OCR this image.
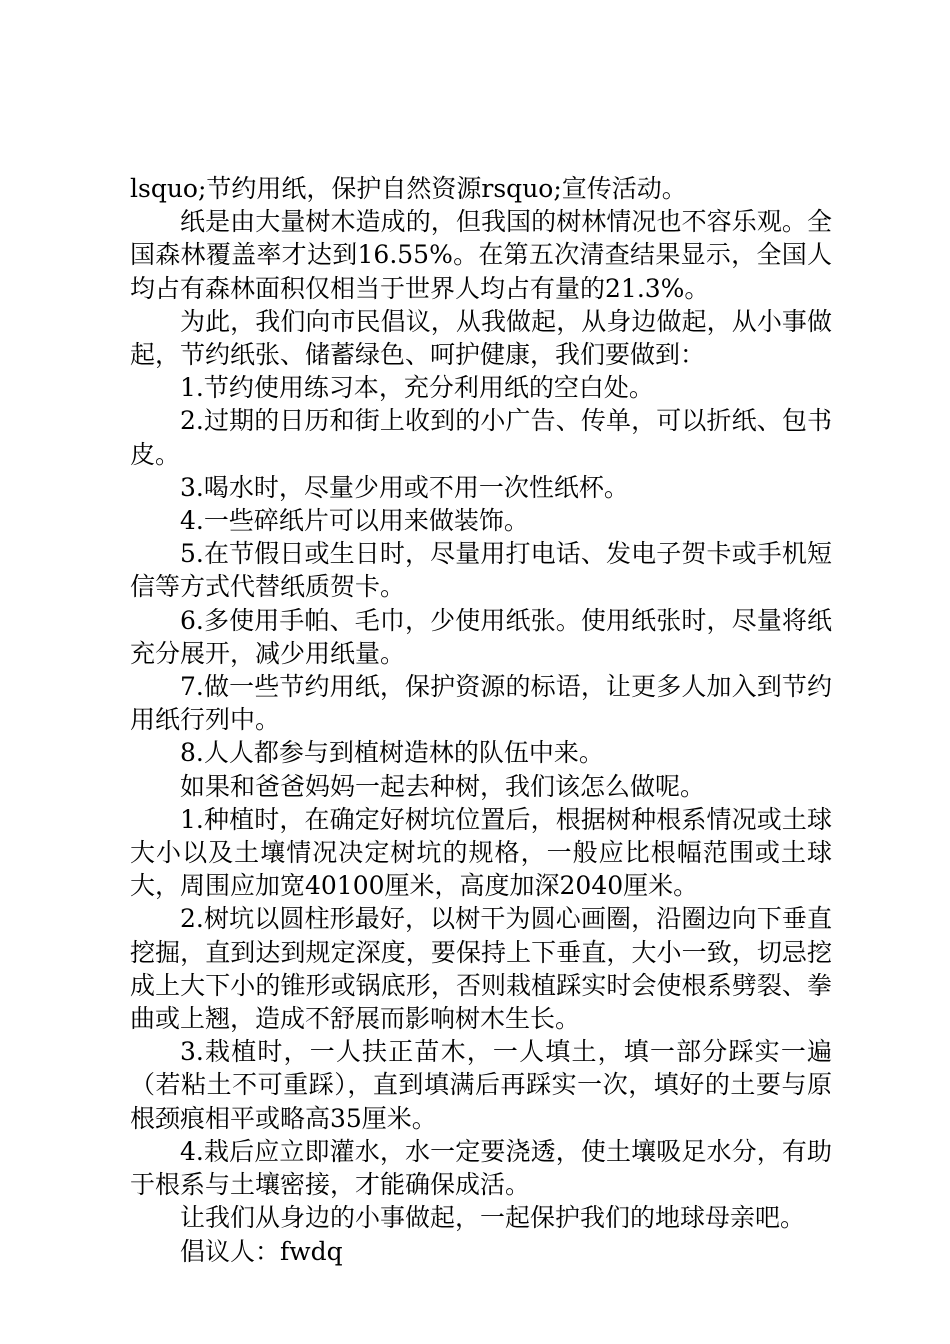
lsquo;节约用纸，保护自然资源rsquo;宣传活动。

纸是由大量树木造成的，但我国的树林情况也不容乐观。全国森林覆盖率才达到16.55%。在第五次清查结果显示，全国人均占有森林面积仅相当于世界人均占有量的21.3%。

为此，我们向市民倡议，从我做起，从身边做起，从小事做起，节约纸张、储蓄绿色、呵护健康，我们要做到：

1.节约使用练习本，充分利用纸的空白处。

2.过期的日历和街上收到的小广告、传单，可以折纸、包书皮。

3.喝水时，尽量少用或不用一次性纸杯。

4.一些碎纸片可以用来做装饰。

5.在节假日或生日时，尽量用打电话、发电子贺卡或手机短信等方式代替纸质贺卡。

6.多使用手帕、毛巾，少使用纸张。使用纸张时，尽量将纸充分展开，减少用纸量。

7.做一些节约用纸，保护资源的标语，让更多人加入到节约用纸行列中。

8.人人都参与到植树造林的队伍中来。

如果和爸爸妈妈一起去种树，我们该怎么做呢。

1.种植时，在确定好树坑位置后，根据树种根系情况或土球大小以及土壤情况决定树坑的规格，一般应比根幅范围或土球大，周围应加宽40100厘米，高度加深2040厘米。

2.树坑以圆柱形最好，以树干为圆心画圈，沿圈边向下垂直挖掘，直到达到规定深度，要保持上下垂直，大小一致，切忌挖成上大下小的锥形或锅底形，否则栽植踩实时会使根系劈裂、拳曲或上翘，造成不舒展而影响树木生长。

3.栽植时，一人扶正苗木，一人填土，填一部分踩实一遍（若粘土不可重踩），直到填满后再踩实一次，填好的土要与原根颈痕相平或略高35厘米。

4.栽后应立即灌水，水一定要浇透，使土壤吸足水分，有助于根系与土壤密接，才能确保成活。

让我们从身边的小事做起，一起保护我们的地球母亲吧。

倡议人：fwdq
